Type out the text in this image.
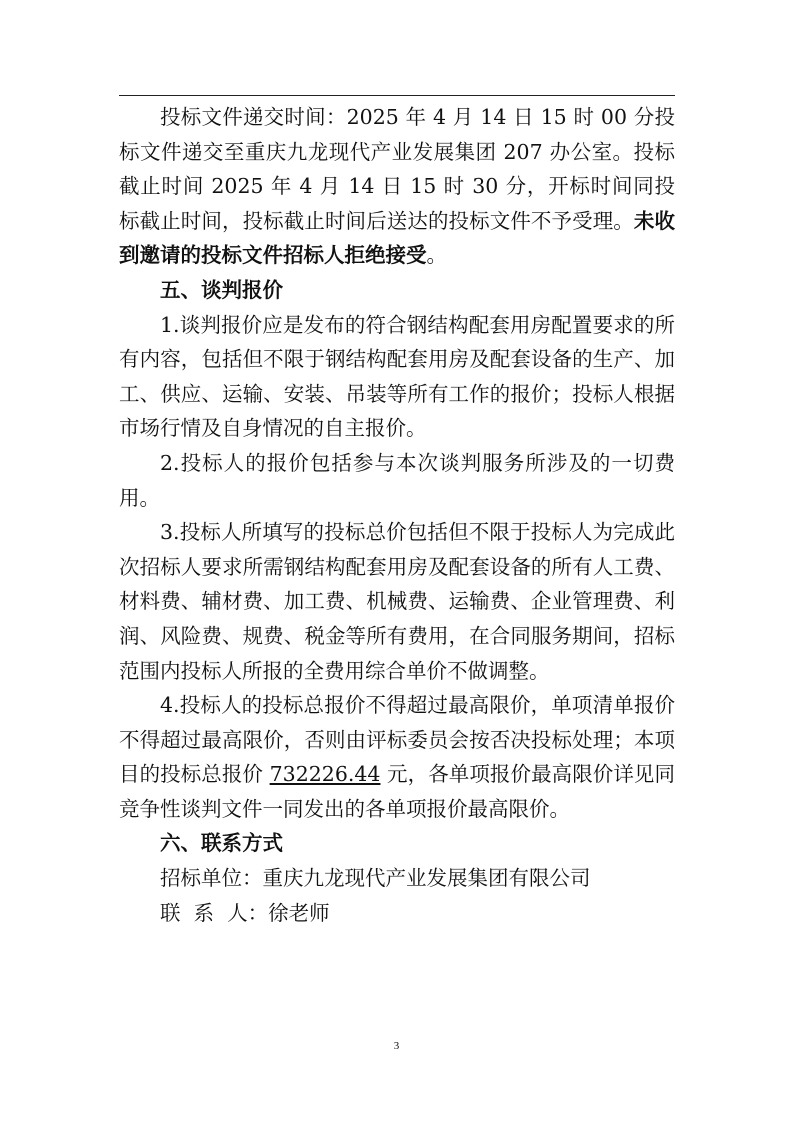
投标文件递交时间：2025 年 4 月 14 日 15 时 00 分投标文件递交至重庆九龙现代产业发展集团 207 办公室。投标截止时间 2025 年 4 月 14 日 15 时 30 分，开标时间同投标截止时间，投标截止时间后送达的投标文件不予受理。未收到邀请的投标文件招标人拒绝接受。

五、谈判报价

1.谈判报价应是发布的符合钢结构配套用房配置要求的所有内容，包括但不限于钢结构配套用房及配套设备的生产、加工、供应、运输、安装、吊装等所有工作的报价；投标人根据市场行情及自身情况的自主报价。

2.投标人的报价包括参与本次谈判服务所涉及的一切费用。

3.投标人所填写的投标总价包括但不限于投标人为完成此次招标人要求所需钢结构配套用房及配套设备的所有人工费、材料费、辅材费、加工费、机械费、运输费、企业管理费、利润、风险费、规费、税金等所有费用，在合同服务期间，招标范围内投标人所报的全费用综合单价不做调整。

4.投标人的投标总报价不得超过最高限价，单项清单报价不得超过最高限价，否则由评标委员会按否决投标处理；本项目的投标总报价 732226.44 元，各单项报价最高限价详见同竞争性谈判文件一同发出的各单项报价最高限价。

六、联系方式

招标单位：重庆九龙现代产业发展集团有限公司

联  系  人：徐老师

3
